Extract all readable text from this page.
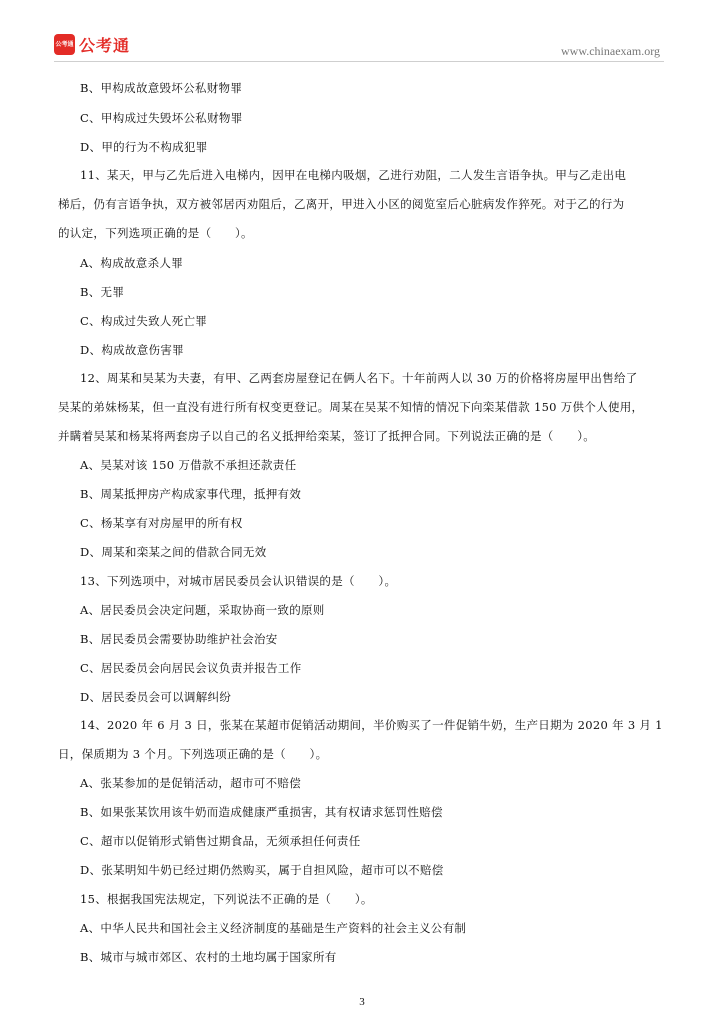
公考通 公考通	www.chinaexam.org
B、甲构成故意毁坏公私财物罪
C、甲构成过失毁坏公私财物罪
D、甲的行为不构成犯罪
11、某天，甲与乙先后进入电梯内，因甲在电梯内吸烟，乙进行劝阻，二人发生言语争执。甲与乙走出电
梯后，仍有言语争执，双方被邻居丙劝阻后，乙离开，甲进入小区的阅览室后心脏病发作猝死。对于乙的行为
的认定，下列选项正确的是（　　）。
A、构成故意杀人罪
B、无罪
C、构成过失致人死亡罪
D、构成故意伤害罪
12、周某和吴某为夫妻，有甲、乙两套房屋登记在俩人名下。十年前两人以 30 万的价格将房屋甲出售给了
吴某的弟妹杨某，但一直没有进行所有权变更登记。周某在吴某不知情的情况下向栾某借款 150 万供个人使用，
并瞒着吴某和杨某将两套房子以自己的名义抵押给栾某，签订了抵押合同。下列说法正确的是（　　）。
A、吴某对该 150 万借款不承担还款责任
B、周某抵押房产构成家事代理，抵押有效
C、杨某享有对房屋甲的所有权
D、周某和栾某之间的借款合同无效
13、下列选项中，对城市居民委员会认识错误的是（　　）。
A、居民委员会决定问题，采取协商一致的原则
B、居民委员会需要协助维护社会治安
C、居民委员会向居民会议负责并报告工作
D、居民委员会可以调解纠纷
14、2020 年 6 月 3 日，张某在某超市促销活动期间，半价购买了一件促销牛奶，生产日期为 2020 年 3 月 1
日，保质期为 3 个月。下列选项正确的是（　　）。
A、张某参加的是促销活动，超市可不赔偿
B、如果张某饮用该牛奶而造成健康严重损害，其有权请求惩罚性赔偿
C、超市以促销形式销售过期食品，无须承担任何责任
D、张某明知牛奶已经过期仍然购买，属于自担风险，超市可以不赔偿
15、根据我国宪法规定，下列说法不正确的是（　　）。
A、中华人民共和国社会主义经济制度的基础是生产资料的社会主义公有制
B、城市与城市郊区、农村的土地均属于国家所有
3
